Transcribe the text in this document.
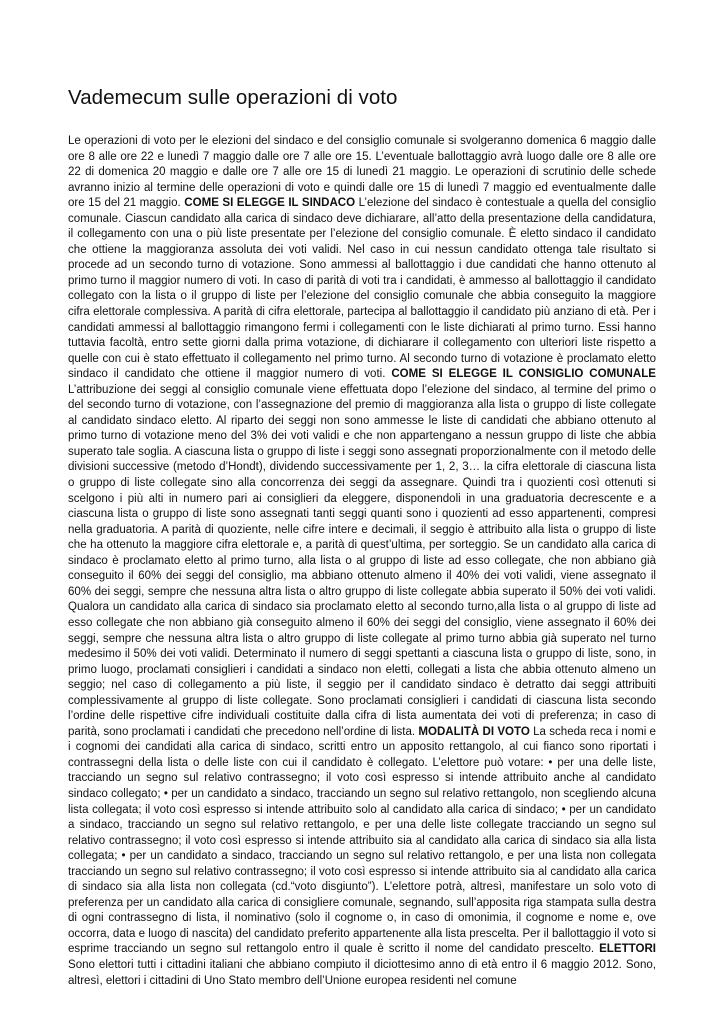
Vademecum sulle operazioni di voto

Le operazioni di voto per le elezioni del sindaco e del consiglio comunale si svolgeranno domenica 6 maggio dalle ore 8 alle ore 22 e lunedì 7 maggio dalle ore 7 alle ore 15. L’eventuale ballottaggio avrà luogo dalle ore 8 alle ore 22 di domenica 20 maggio e dalle ore 7 alle ore 15 di lunedì 21 maggio. Le operazioni di scrutinio delle schede avranno inizio al termine delle operazioni di voto e quindi dalle ore 15 di lunedì 7 maggio ed eventualmente dalle ore 15 del 21 maggio. COME SI ELEGGE IL SINDACO L’elezione del sindaco è contestuale a quella del consiglio comunale. Ciascun candidato alla carica di sindaco deve dichiarare, all’atto della presentazione della candidatura, il collegamento con una o più liste presentate per l’elezione del consiglio comunale. È eletto sindaco il candidato che ottiene la maggioranza assoluta dei voti validi. Nel caso in cui nessun candidato ottenga tale risultato si procede ad un secondo turno di votazione. Sono ammessi al ballottaggio i due candidati che hanno ottenuto al primo turno il maggior numero di voti. In caso di parità di voti tra i candidati, è ammesso al ballottaggio il candidato collegato con la lista o il gruppo di liste per l’elezione del consiglio comunale che abbia conseguito la maggiore cifra elettorale complessiva. A parità di cifra elettorale, partecipa al ballottaggio il candidato più anziano di età. Per i candidati ammessi al ballottaggio rimangono fermi i collegamenti con le liste dichiarati al primo turno. Essi hanno tuttavia facoltà, entro sette giorni dalla prima votazione, di dichiarare il collegamento con ulteriori liste rispetto a quelle con cui è stato effettuato il collegamento nel primo turno. Al secondo turno di votazione è proclamato eletto sindaco il candidato che ottiene il maggior numero di voti. COME SI ELEGGE IL CONSIGLIO COMUNALE L’attribuzione dei seggi al consiglio comunale viene effettuata dopo l’elezione del sindaco, al termine del primo o del secondo turno di votazione, con l’assegnazione del premio di maggioranza alla lista o gruppo di liste collegate al candidato sindaco eletto. Al riparto dei seggi non sono ammesse le liste di candidati che abbiano ottenuto al primo turno di votazione meno del 3% dei voti validi e che non appartengano a nessun gruppo di liste che abbia superato tale soglia. A ciascuna lista o gruppo di liste i seggi sono assegnati proporzionalmente con il metodo delle divisioni successive (metodo d’Hondt), dividendo successivamente per 1, 2, 3… la cifra elettorale di ciascuna lista o gruppo di liste collegate sino alla concorrenza dei seggi da assegnare. Quindi tra i quozienti così ottenuti si scelgono i più alti in numero pari ai consiglieri da eleggere, disponendoli in una graduatoria decrescente e a ciascuna lista o gruppo di liste sono assegnati tanti seggi quanti sono i quozienti ad esso appartenenti, compresi nella graduatoria. A parità di quoziente, nelle cifre intere e decimali, il seggio è attribuito alla lista o gruppo di liste che ha ottenuto la maggiore cifra elettorale e, a parità di quest’ultima, per sorteggio. Se un candidato alla carica di sindaco è proclamato eletto al primo turno, alla lista o al gruppo di liste ad esso collegate, che non abbiano già conseguito il 60% dei seggi del consiglio, ma abbiano ottenuto almeno il 40% dei voti validi, viene assegnato il 60% dei seggi, sempre che nessuna altra lista o altro gruppo di liste collegate abbia superato il 50% dei voti validi. Qualora un candidato alla carica di sindaco sia proclamato eletto al secondo turno,alla lista o al gruppo di liste ad esso collegate che non abbiano già conseguito almeno il 60% dei seggi del consiglio, viene assegnato il 60% dei seggi, sempre che nessuna altra lista o altro gruppo di liste collegate al primo turno abbia già superato nel turno medesimo il 50% dei voti validi. Determinato il numero di seggi spettanti a ciascuna lista o gruppo di liste, sono, in primo luogo, proclamati consiglieri i candidati a sindaco non eletti, collegati a lista che abbia ottenuto almeno un seggio; nel caso di collegamento a più liste, il seggio per il candidato sindaco è detratto dai seggi attribuiti complessivamente al gruppo di liste collegate. Sono proclamati consiglieri i candidati di ciascuna lista secondo l’ordine delle rispettive cifre individuali costituite dalla cifra di lista aumentata dei voti di preferenza; in caso di parità, sono proclamati i candidati che precedono nell’ordine di lista. MODALITÀ DI VOTO La scheda reca i nomi e i cognomi dei candidati alla carica di sindaco, scritti entro un apposito rettangolo, al cui fianco sono riportati i contrassegni della lista o delle liste con cui il candidato è collegato. L’elettore può votare: • per una delle liste, tracciando un segno sul relativo contrassegno; il voto così espresso si intende attribuito anche al candidato sindaco collegato; • per un candidato a sindaco, tracciando un segno sul relativo rettangolo, non scegliendo alcuna lista collegata; il voto così espresso si intende attribuito solo al candidato alla carica di sindaco; • per un candidato a sindaco, tracciando un segno sul relativo rettangolo, e per una delle liste collegate tracciando un segno sul relativo contrassegno; il voto così espresso si intende attribuito sia al candidato alla carica di sindaco sia alla lista collegata; • per un candidato a sindaco, tracciando un segno sul relativo rettangolo, e per una lista non collegata tracciando un segno sul relativo contrassegno; il voto così espresso si intende attribuito sia al candidato alla carica di sindaco sia alla lista non collegata (cd.“voto disgiunto”). L’elettore potrà, altresì, manifestare un solo voto di preferenza per un candidato alla carica di consigliere comunale, segnando, sull’apposita riga stampata sulla destra di ogni contrassegno di lista, il nominativo (solo il cognome o, in caso di omonimia, il cognome e nome e, ove occorra, data e luogo di nascita) del candidato preferito appartenente alla lista prescelta. Per il ballottaggio il voto si esprime tracciando un segno sul rettangolo entro il quale è scritto il nome del candidato prescelto. ELETTORI Sono elettori tutti i cittadini italiani che abbiano compiuto il diciottesimo anno di età entro il 6 maggio 2012. Sono, altresì, elettori i cittadini di Uno Stato membro dell’Unione europea residenti nel comune
